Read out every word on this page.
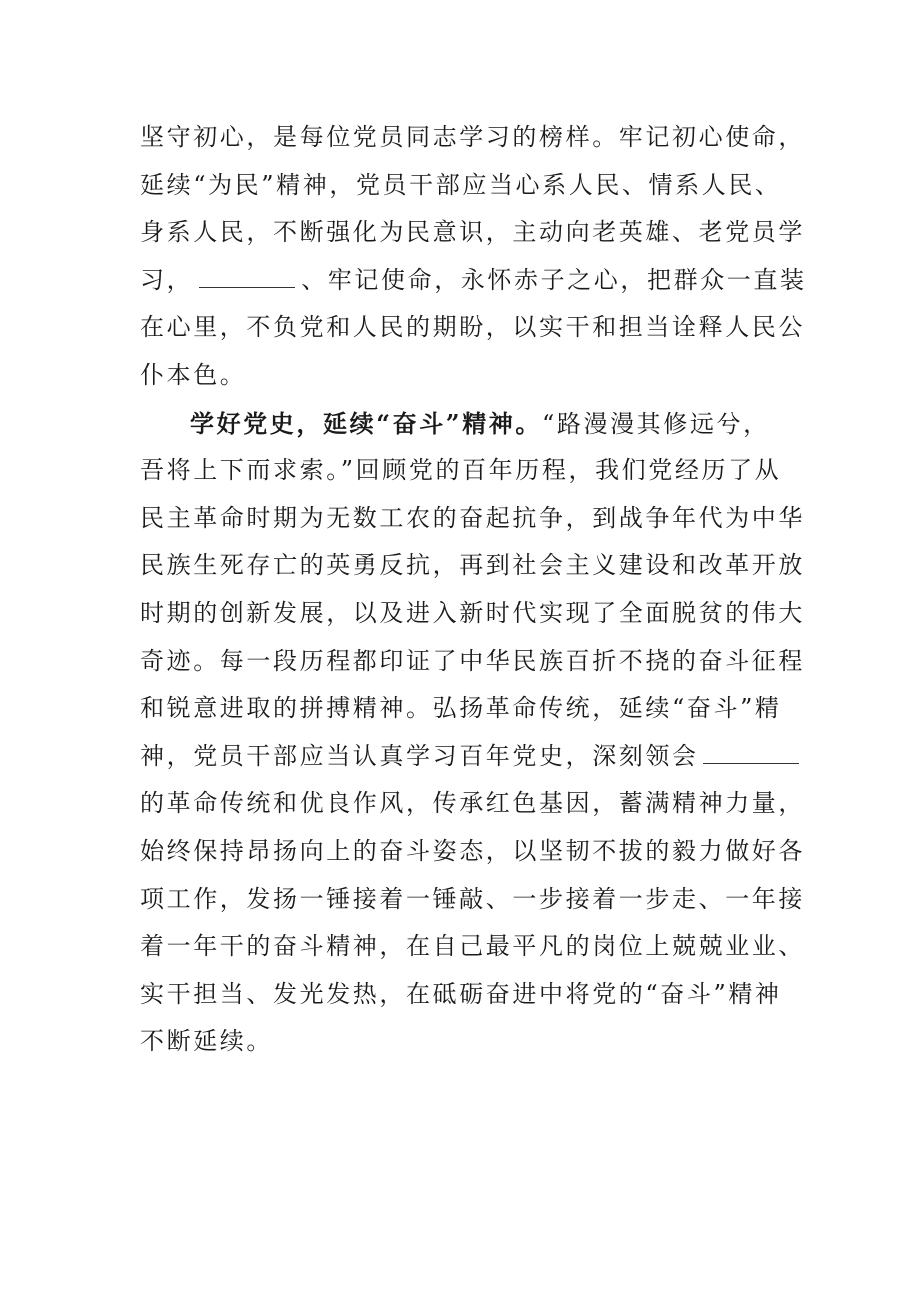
坚守初心，是每位党员同志学习的榜样。牢记初心使命，
延续“为民”精神，党员干部应当心系人民、情系人民、
身系人民，不断强化为民意识，主动向老英雄、老党员学
习，	、牢记使命，永怀赤子之心，把群众一直装
在心里，不负党和人民的期盼，以实干和担当诠释人民公
仆本色。
学好党史，延续“奋斗”精神。“路漫漫其修远兮，
吾将上下而求索。”回顾党的百年历程，我们党经历了从
民主革命时期为无数工农的奋起抗争，到战争年代为中华
民族生死存亡的英勇反抗，再到社会主义建设和改革开放
时期的创新发展，以及进入新时代实现了全面脱贫的伟大
奇迹。每一段历程都印证了中华民族百折不挠的奋斗征程
和锐意进取的拼搏精神。弘扬革命传统，延续“奋斗”精
神，党员干部应当认真学习百年党史，深刻领会
的革命传统和优良作风，传承红色基因，蓄满精神力量，
始终保持昂扬向上的奋斗姿态，以坚韧不拔的毅力做好各
项工作，发扬一锤接着一锤敲、一步接着一步走、一年接
着一年干的奋斗精神，在自己最平凡的岗位上兢兢业业、
实干担当、发光发热，在砥砺奋进中将党的“奋斗”精神
不断延续。
